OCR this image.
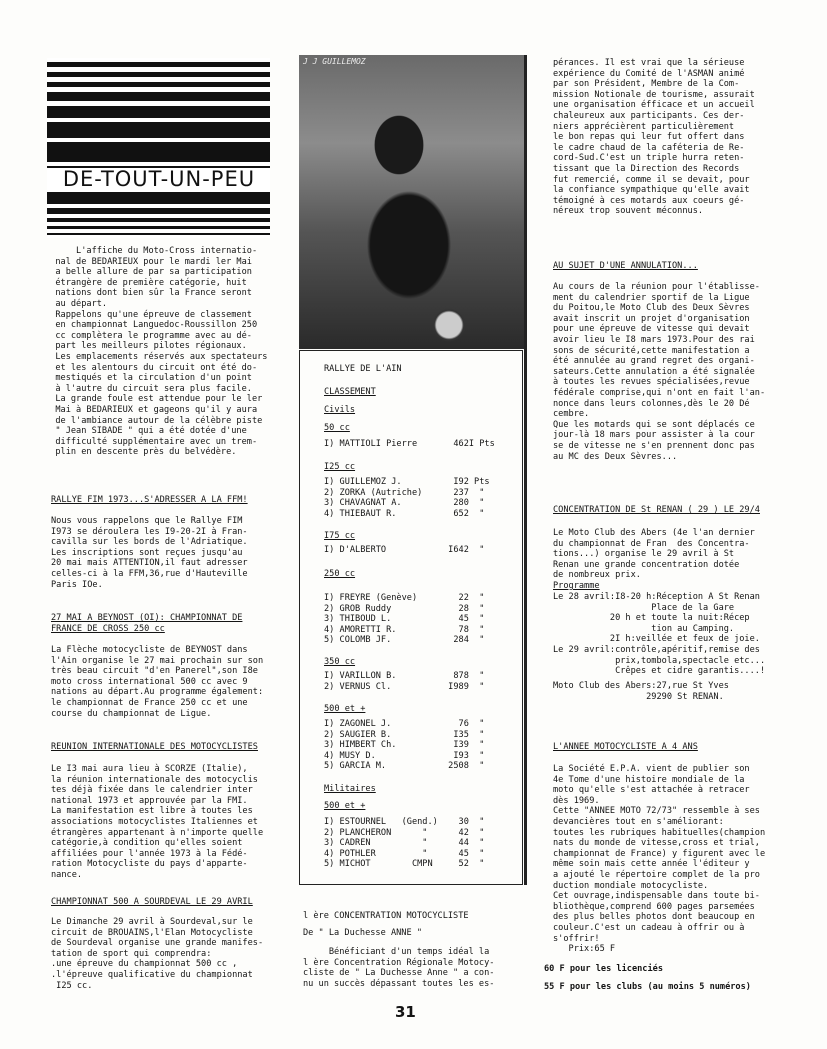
DE-TOUT-UN-PEU
L'affiche du Moto-Cross internatio-
nal de BEDARIEUX pour le mardi ler Mai
a belle allure de par sa participation
étrangère de première catégorie, huit
nations dont bien sûr la France seront
au départ.
Rappelons qu'une épreuve de classement
en championnat Languedoc-Roussillon 250
cc complètera le programme avec au dé-
part les meilleurs pilotes régionaux.
Les emplacements réservés aux spectateurs
et les alentours du circuit ont été do-
mestiqués et la circulation d'un point
à l'autre du circuit sera plus facile.
La grande foule est attendue pour le ler
Mai à BEDARIEUX et gageons qu'il y aura
de l'ambiance autour de la célèbre piste
" Jean SIBADE " qui a été dotée d'une
difficulté supplémentaire avec un trem-
plin en descente près du belvédère.
RALLYE FIM 1973...S'ADRESSER A LA FFM!
Nous vous rappelons que le Rallye FIM
I973 se déroulera les I9-20-2I à Fran-
cavilla sur les bords de l'Adriatique.
Les inscriptions sont reçues jusqu'au
20 mai mais ATTENTION,il faut adresser
celles-ci à la FFM,36,rue d'Hauteville
Paris IOe.
27 MAI A BEYNOST (OI): CHAMPIONNAT DE
FRANCE DE CROSS 250 cc
La Flèche motocycliste de BEYNOST dans
l'Ain organise le 27 mai prochain sur son
très beau circuit "d'en Panerel",son I8e
moto cross international 500 cc avec 9
nations au départ.Au programme également:
le championnat de France 250 cc et une
course du championnat de Ligue.
REUNION INTERNATIONALE DES MOTOCYCLISTES
Le I3 mai aura lieu à SCORZE (Italie),
la réunion internationale des motocyclis
tes déjà fixée dans le calendrier inter
national 1973 et approuvée par la FMI.
La manifestation est libre à toutes les
associations motocyclistes Italiennes et
étrangères appartenant à n'importe quelle
catégorie,à condition qu'elles soient
affiliées pour l'année 1973 à la Fédé-
ration Motocycliste du pays d'apparte-
nance.
CHAMPIONNAT 500 A SOURDEVAL LE 29 AVRIL
Le Dimanche 29 avril à Sourdeval,sur le
circuit de BROUAINS,l'Elan Motocycliste
de Sourdeval organise une grande manifes-
tation de sport qui comprendra:
.une épreuve du championnat 500 cc ,
.l'épreuve qualificative du championnat
I25 cc.
J J GUILLEMOZ
RALLYE DE L'AIN
CLASSEMENT
Civils
50 cc
I) MATTIOLI Pierre       462I Pts
I25 cc
I) GUILLEMOZ J.          I92 Pts
2) ZORKA (Autriche)      237  "
3) CHAVAGNAT A.          280  "
4) THIEBAUT R.           652  "
I75 cc
I) D'ALBERTO            I642  "
250 cc
I) FREYRE (Genève)        22  "
2) GROB Ruddy             28  "
3) THIBOUD L.             45  "
4) AMORETTI R.            78  "
5) COLOMB JF.            284  "
350 cc
I) VARILLON B.           878  "
2) VERNUS Cl.           I989  "
500 et +
I) ZAGONEL J.             76  "
2) SAUGIER B.            I35  "
3) HIMBERT Ch.           I39  "
4) MUSY D.               I93  "
5) GARCIA M.            2508  "
Militaires
500 et +
I) ESTOURNEL   (Gend.)    30  "
2) PLANCHERON      "      42  "
3) CADREN          "      44  "
4) POTHLER         "      45  "
5) MICHOT        CMPN     52  "
l ère CONCENTRATION MOTOCYCLISTE
De " La Duchesse ANNE "
Bénéficiant d'un temps idéal la
l ère Concentration Régionale Motocy-
cliste de " La Duchesse Anne " a con-
nu un succès dépassant toutes les es-
pérances. Il est vrai que la sérieuse
expérience du Comité de l'ASMAN animé
par son Président, Membre de la Com-
mission Notionale de tourisme, assurait
une organisation éfficace et un accueil
chaleureux aux participants. Ces der-
niers apprécièrent particulièrement
le bon repas qui leur fut offert dans
le cadre chaud de la caféteria de Re-
cord-Sud.C'est un triple hurra reten-
tissant que la Direction des Records
fut remercié, comme il se devait, pour
la confiance sympathique qu'elle avait
témoigné à ces motards aux coeurs gé-
néreux trop souvent méconnus.
AU SUJET D'UNE ANNULATION...
Au cours de la réunion pour l'établisse-
ment du calendrier sportif de la Ligue
du Poitou,le Moto Club des Deux Sèvres
avait inscrit un projet d'organisation
pour une épreuve de vitesse qui devait
avoir lieu le I8 mars 1973.Pour des rai
sons de sécurité,cette manifestation a
été annulée au grand regret des organi-
sateurs.Cette annulation a été signalée
à toutes les revues spécialisées,revue
fédérale comprise,qui n'ont en fait l'an-
nonce dans leurs colonnes,dès le 20 Dé
cembre.
Que les motards qui se sont déplacés ce
jour-là 18 mars pour assister à la cour
se de vitesse ne s'en prennent donc pas
au MC des Deux Sèvres...
CONCENTRATION DE St RENAN ( 29 ) LE 29/4
Le Moto Club des Abers (4e l'an dernier
du championnat de Fran  des Concentra-
tions...) organise le 29 avril à St
Renan une grande concentration dotée
de nombreux prix.
Programme
Le 28 avril:I8-20 h:Réception A St Renan
Place de la Gare
20 h et toute la nuit:Récep
tion au Camping.
2I h:veillée et feux de joie.
Le 29 avril:contrôle,apéritif,remise des
prix,tombola,spectacle etc...
Crêpes et cidre garantis....!
Moto Club des Abers:27,rue St Yves
29290 St RENAN.
L'ANNEE MOTOCYCLISTE A 4 ANS
La Société E.P.A. vient de publier son
4e Tome d'une histoire mondiale de la
moto qu'elle s'est attachée à retracer
dès 1969.
Cette "ANNEE MOTO 72/73" ressemble à ses
devancières tout en s'améliorant:
toutes les rubriques habituelles(champion
nats du monde de vitesse,cross et trial,
championnat de France) y figurent avec le
même soin mais cette année l'éditeur y
a ajouté le répertoire complet de la pro
duction mondiale motocycliste.
Cet ouvrage,indispensable dans toute bi-
bliothèque,comprend 600 pages parsemées
des plus belles photos dont beaucoup en
couleur.C'est un cadeau à offrir ou à
s'offrir!
Prix:65 F
60 F pour les licenciés
55 F pour les clubs (au moins 5 numéros)
31
